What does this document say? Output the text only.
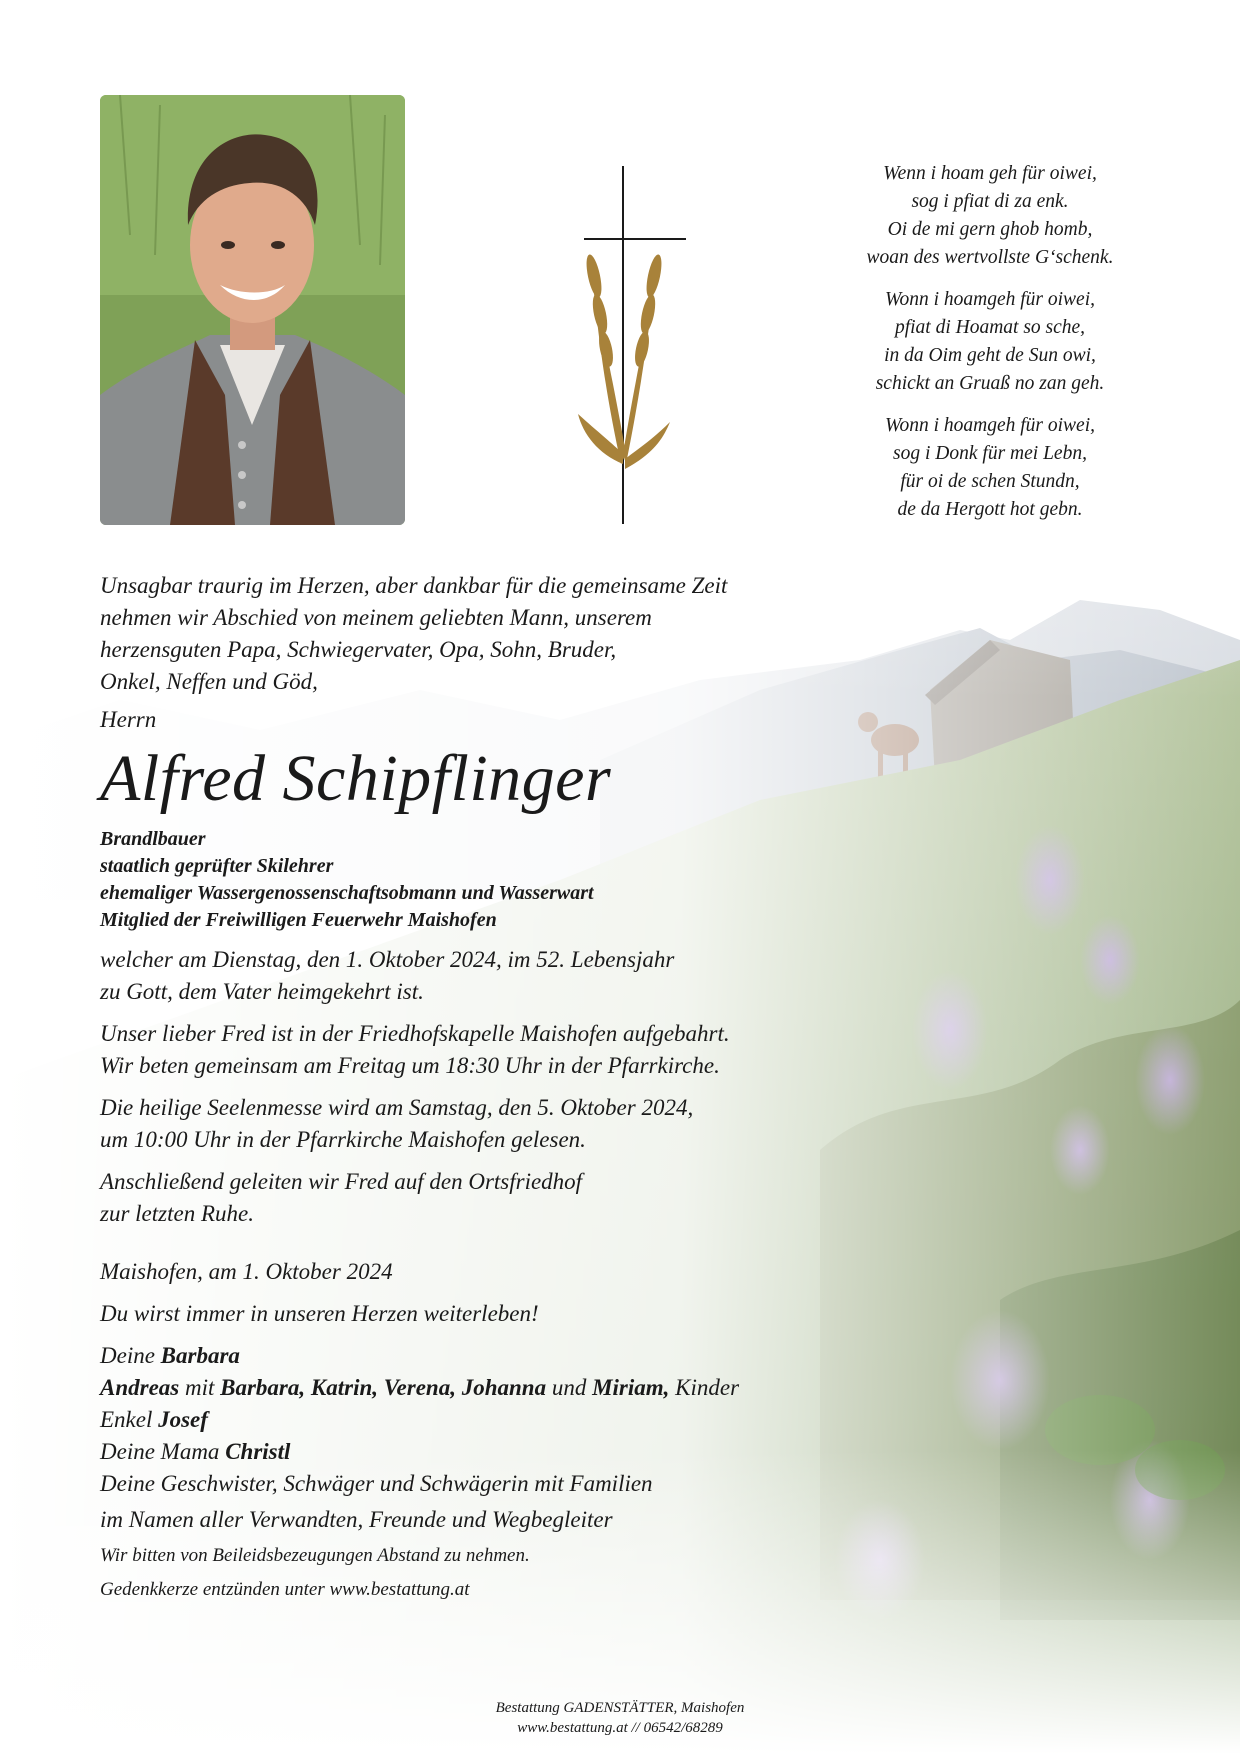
Wenn i hoam geh für oiwei,
sog i pfiat di za enk.
Oi de mi gern ghob homb,
woan des wertvollste G‘schenk.
Wonn i hoamgeh für oiwei,
pfiat di Hoamat so sche,
in da Oim geht de Sun owi,
schickt an Gruaß no zan geh.
Wonn i hoamgeh für oiwei,
sog i Donk für mei Lebn,
für oi de schen Stundn,
de da Hergott hot gebn.
Unsagbar traurig im Herzen, aber dankbar für die gemeinsame Zeit
nehmen wir Abschied von meinem geliebten Mann, unserem
herzensguten Papa, Schwiegervater, Opa, Sohn, Bruder,
Onkel, Neffen und Göd,
Herrn
Alfred Schipflinger
Brandlbauer
staatlich geprüfter Skilehrer
ehemaliger Wassergenossenschaftsobmann und Wasserwart
Mitglied der Freiwilligen Feuerwehr Maishofen
welcher am Dienstag, den 1. Oktober 2024, im 52. Lebensjahr
zu Gott, dem Vater heimgekehrt ist.
Unser lieber Fred ist in der Friedhofskapelle Maishofen aufgebahrt.
Wir beten gemeinsam am Freitag um 18:30 Uhr in der Pfarrkirche.
Die heilige Seelenmesse wird am Samstag, den 5. Oktober 2024,
um 10:00 Uhr in der Pfarrkirche Maishofen gelesen.
Anschließend geleiten wir Fred auf den Ortsfriedhof
zur letzten Ruhe.
Maishofen, am 1. Oktober 2024
Du wirst immer in unseren Herzen weiterleben!
Deine Barbara
Andreas mit Barbara, Katrin, Verena, Johanna und Miriam, Kinder
Enkel Josef
Deine Mama Christl
Deine Geschwister, Schwäger und Schwägerin mit Familien
im Namen aller Verwandten, Freunde und Wegbegleiter
Wir bitten von Beileidsbezeugungen Abstand zu nehmen.
Gedenkkerze entzünden unter www.bestattung.at
Bestattung GADENSTÄTTER, Maishofen
www.bestattung.at // 06542/68289
